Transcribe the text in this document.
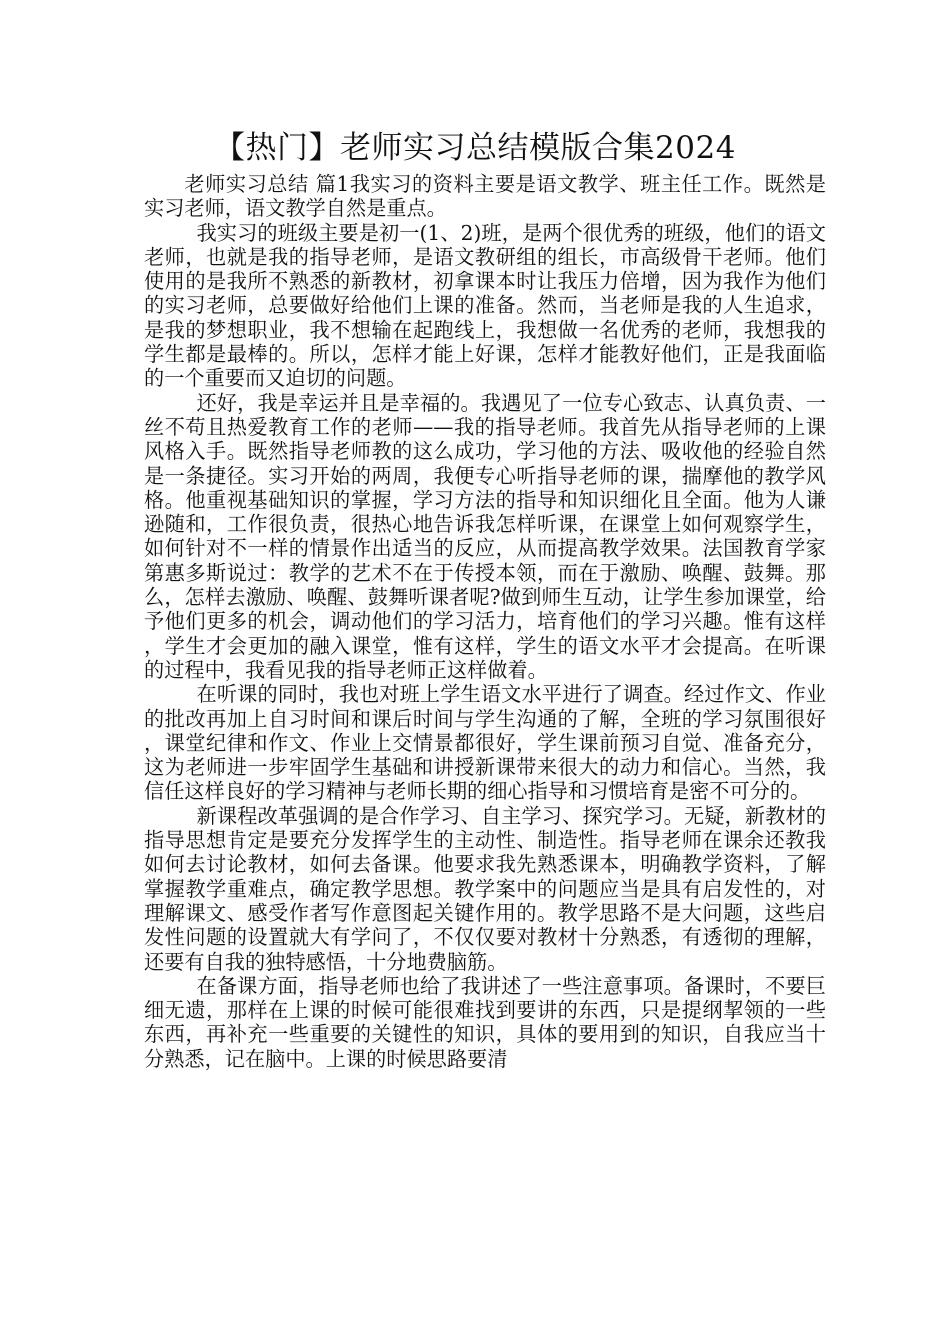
【热门】老师实习总结模版合集2024

老师实习总结 篇1我实习的资料主要是语文教学、班主任工作。既然是实习老师，语文教学自然是重点。

我实习的班级主要是初一(1、2)班，是两个很优秀的班级，他们的语文老师，也就是我的指导老师，是语文教研组的组长，市高级骨干老师。他们使用的是我所不熟悉的新教材，初拿课本时让我压力倍增，因为我作为他们的实习老师，总要做好给他们上课的准备。然而，当老师是我的人生追求，是我的梦想职业，我不想输在起跑线上，我想做一名优秀的老师，我想我的学生都是最棒的。所以，怎样才能上好课，怎样才能教好他们，正是我面临的一个重要而又迫切的问题。

还好，我是幸运并且是幸福的。我遇见了一位专心致志、认真负责、一丝不苟且热爱教育工作的老师——我的指导老师。我首先从指导老师的上课风格入手。既然指导老师教的这么成功，学习他的方法、吸收他的经验自然是一条捷径。实习开始的两周，我便专心听指导老师的课，揣摩他的教学风格。他重视基础知识的掌握，学习方法的指导和知识细化且全面。他为人谦逊随和，工作很负责，很热心地告诉我怎样听课，在课堂上如何观察学生，如何针对不一样的情景作出适当的反应，从而提高教学效果。法国教育学家第惠多斯说过：教学的艺术不在于传授本领，而在于激励、唤醒、鼓舞。那么，怎样去激励、唤醒、鼓舞听课者呢?做到师生互动，让学生参加课堂，给予他们更多的机会，调动他们的学习活力，培育他们的学习兴趣。惟有这样，学生才会更加的融入课堂，惟有这样，学生的语文水平才会提高。在听课的过程中，我看见我的指导老师正这样做着。

在听课的同时，我也对班上学生语文水平进行了调查。经过作文、作业的批改再加上自习时间和课后时间与学生沟通的了解，全班的学习氛围很好，课堂纪律和作文、作业上交情景都很好，学生课前预习自觉、准备充分，这为老师进一步牢固学生基础和讲授新课带来很大的动力和信心。当然，我信任这样良好的学习精神与老师长期的细心指导和习惯培育是密不可分的。

新课程改革强调的是合作学习、自主学习、探究学习。无疑，新教材的指导思想肯定是要充分发挥学生的主动性、制造性。指导老师在课余还教我如何去讨论教材，如何去备课。他要求我先熟悉课本，明确教学资料，了解掌握教学重难点，确定教学思想。教学案中的问题应当是具有启发性的，对理解课文、感受作者写作意图起关键作用的。教学思路不是大问题，这些启发性问题的设置就大有学问了，不仅仅要对教材十分熟悉，有透彻的理解，还要有自我的独特感悟，十分地费脑筋。

在备课方面，指导老师也给了我讲述了一些注意事项。备课时，不要巨细无遗，那样在上课的时候可能很难找到要讲的东西，只是提纲挈领的一些东西，再补充一些重要的关键性的知识，具体的要用到的知识，自我应当十分熟悉，记在脑中。上课的时候思路要清
